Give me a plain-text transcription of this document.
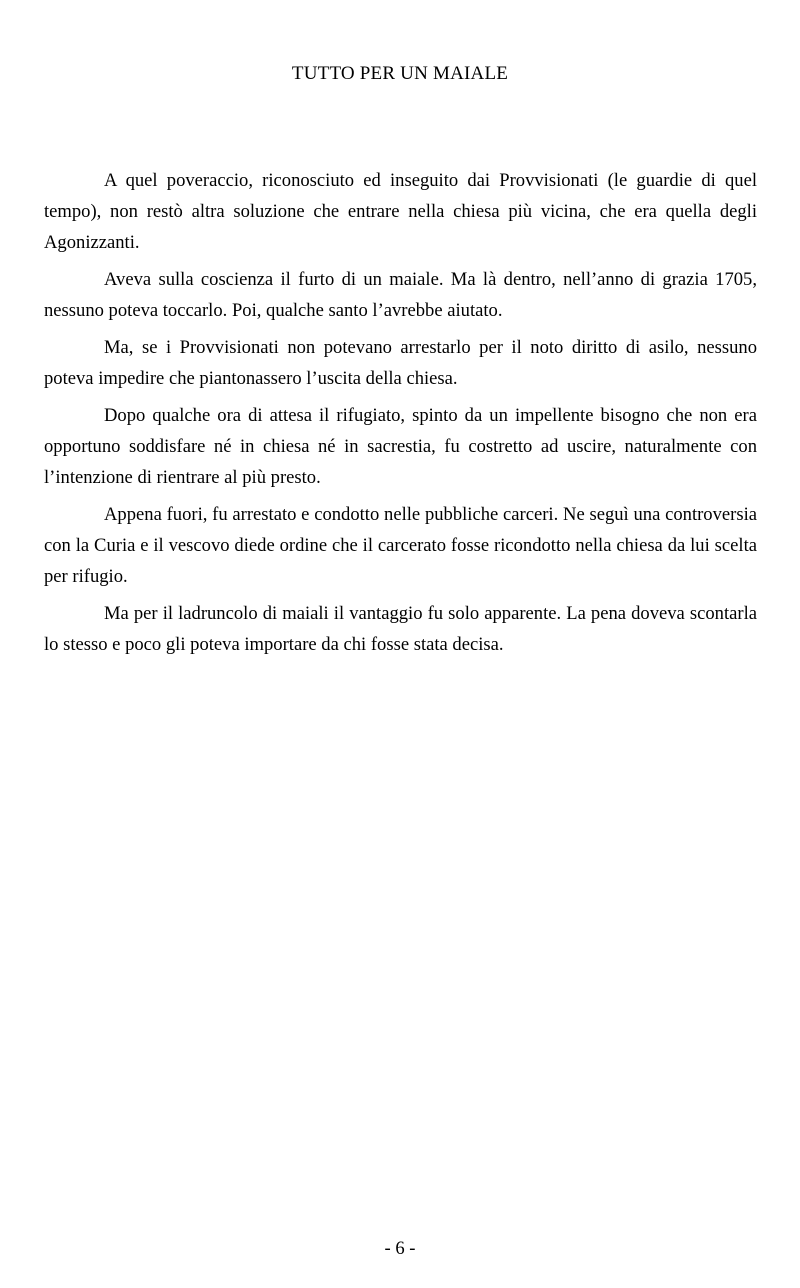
TUTTO PER UN MAIALE

A quel poveraccio, riconosciuto ed inseguito dai Provvisionati (le guardie di quel tempo), non restò altra soluzione che entrare nella chiesa più vicina, che era quella degli Agonizzanti.

Aveva sulla coscienza il furto di un maiale. Ma là dentro, nell’anno di grazia 1705, nessuno poteva toccarlo. Poi, qualche santo l’avrebbe aiutato.

Ma, se i Provvisionati non potevano arrestarlo per il noto diritto di asilo, nessuno poteva impedire che piantonassero l’uscita della chiesa.

Dopo qualche ora di attesa il rifugiato, spinto da un impellente bisogno che non era opportuno soddisfare né in chiesa né in sacrestia, fu costretto ad uscire, naturalmente con l’intenzione di rientrare al più presto.

Appena fuori, fu arrestato e condotto nelle pubbliche carceri. Ne seguì una controversia con la Curia e il vescovo diede ordine che il carcerato fosse ricondotto nella chiesa da lui scelta per rifugio.

Ma per il ladruncolo di maiali il vantaggio fu solo apparente. La pena doveva scontarla lo stesso e poco gli poteva importare da chi fosse stata decisa.

- 6 -
